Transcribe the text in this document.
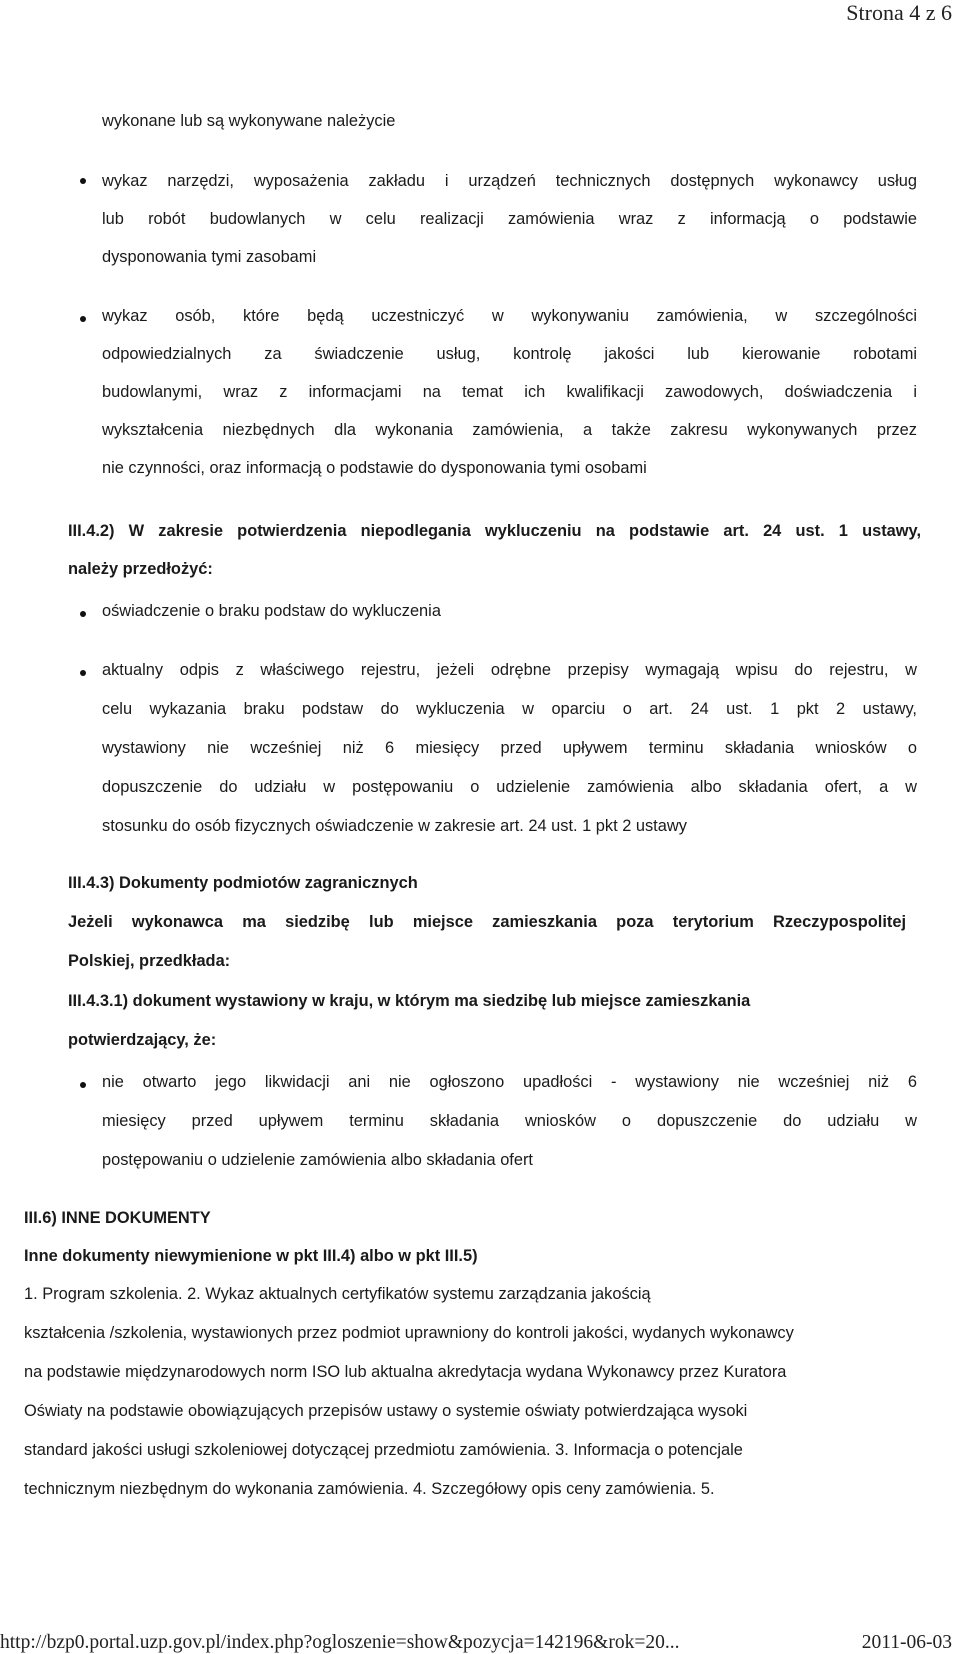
Strona 4 z 6
wykonane lub są wykonywane należycie
wykaz narzędzi, wyposażenia zakładu i urządzeń technicznych dostępnych wykonawcy usług
lub robót budowlanych w celu realizacji zamówienia wraz z informacją o podstawie
dysponowania tymi zasobami
wykaz osób, które będą uczestniczyć w wykonywaniu zamówienia, w szczególności
odpowiedzialnych za świadczenie usług, kontrolę jakości lub kierowanie robotami
budowlanymi, wraz z informacjami na temat ich kwalifikacji zawodowych, doświadczenia i
wykształcenia niezbędnych dla wykonania zamówienia, a także zakresu wykonywanych przez
nie czynności, oraz informacją o podstawie do dysponowania tymi osobami
III.4.2) W zakresie potwierdzenia niepodlegania wykluczeniu na podstawie art. 24 ust. 1 ustawy,
należy przedłożyć:
oświadczenie o braku podstaw do wykluczenia
aktualny odpis z właściwego rejestru, jeżeli odrębne przepisy wymagają wpisu do rejestru, w
celu wykazania braku podstaw do wykluczenia w oparciu o art. 24 ust. 1 pkt 2 ustawy,
wystawiony nie wcześniej niż 6 miesięcy przed upływem terminu składania wniosków o
dopuszczenie do udziału w postępowaniu o udzielenie zamówienia albo składania ofert, a w
stosunku do osób fizycznych oświadczenie w zakresie art. 24 ust. 1 pkt 2 ustawy
III.4.3) Dokumenty podmiotów zagranicznych
Jeżeli wykonawca ma siedzibę lub miejsce zamieszkania poza terytorium Rzeczypospolitej
Polskiej, przedkłada:
III.4.3.1) dokument wystawiony w kraju, w którym ma siedzibę lub miejsce zamieszkania
potwierdzający, że:
nie otwarto jego likwidacji ani nie ogłoszono upadłości - wystawiony nie wcześniej niż 6
miesięcy przed upływem terminu składania wniosków o dopuszczenie do udziału w
postępowaniu o udzielenie zamówienia albo składania ofert
III.6) INNE DOKUMENTY
Inne dokumenty niewymienione w pkt III.4) albo w pkt III.5)
1. Program szkolenia. 2. Wykaz aktualnych certyfikatów systemu zarządzania jakością
kształcenia /szkolenia, wystawionych przez podmiot uprawniony do kontroli jakości, wydanych wykonawcy
na podstawie międzynarodowych norm ISO lub aktualna akredytacja wydana Wykonawcy przez Kuratora
Oświaty na podstawie obowiązujących przepisów ustawy o systemie oświaty potwierdzająca wysoki
standard jakości usługi szkoleniowej dotyczącej przedmiotu zamówienia. 3. Informacja o potencjale
technicznym niezbędnym do wykonania zamówienia. 4. Szczegółowy opis ceny zamówienia. 5.
http://bzp0.portal.uzp.gov.pl/index.php?ogloszenie=show&pozycja=142196&rok=20...	2011-06-03
